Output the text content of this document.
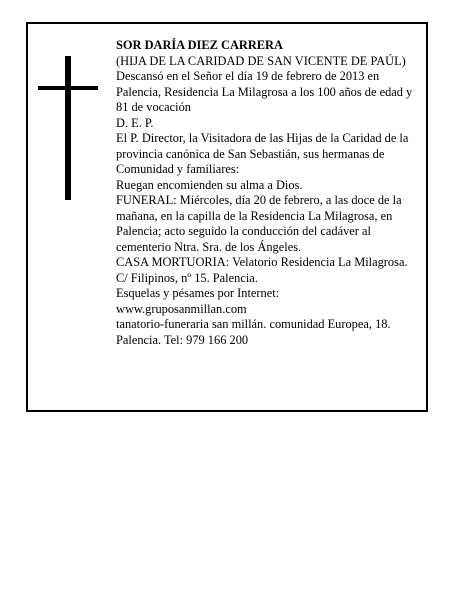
SOR DARÍA DIEZ CARRERA

(HIJA DE LA CARIDAD DE SAN VICENTE DE PAÚL)

Descansó en el Señor el día 19 de febrero de 2013 en Palencia, Residencia La Milagrosa a los 100 años de edad y 81 de vocación

D. E. P.

El P. Director, la Visitadora de las Hijas de la Caridad de la provincia canónica de San Sebastián, sus hermanas de Comunidad y familiares:

Ruegan encomienden su alma a Dios.

FUNERAL: Miércoles, día 20 de febrero, a las doce de la mañana, en la capilla de la Residencia La Milagrosa, en Palencia; acto seguido la conducción del cadáver al cementerio Ntra. Sra. de los Ángeles.

CASA MORTUORIA: Velatorio Residencia La Milagrosa. C/ Filipinos, nº 15. Palencia.

Esquelas y pésames por Internet:

www.gruposanmillan.com

tanatorio-funeraria san millán. comunidad Europea, 18. Palencia. Tel: 979 166 200
